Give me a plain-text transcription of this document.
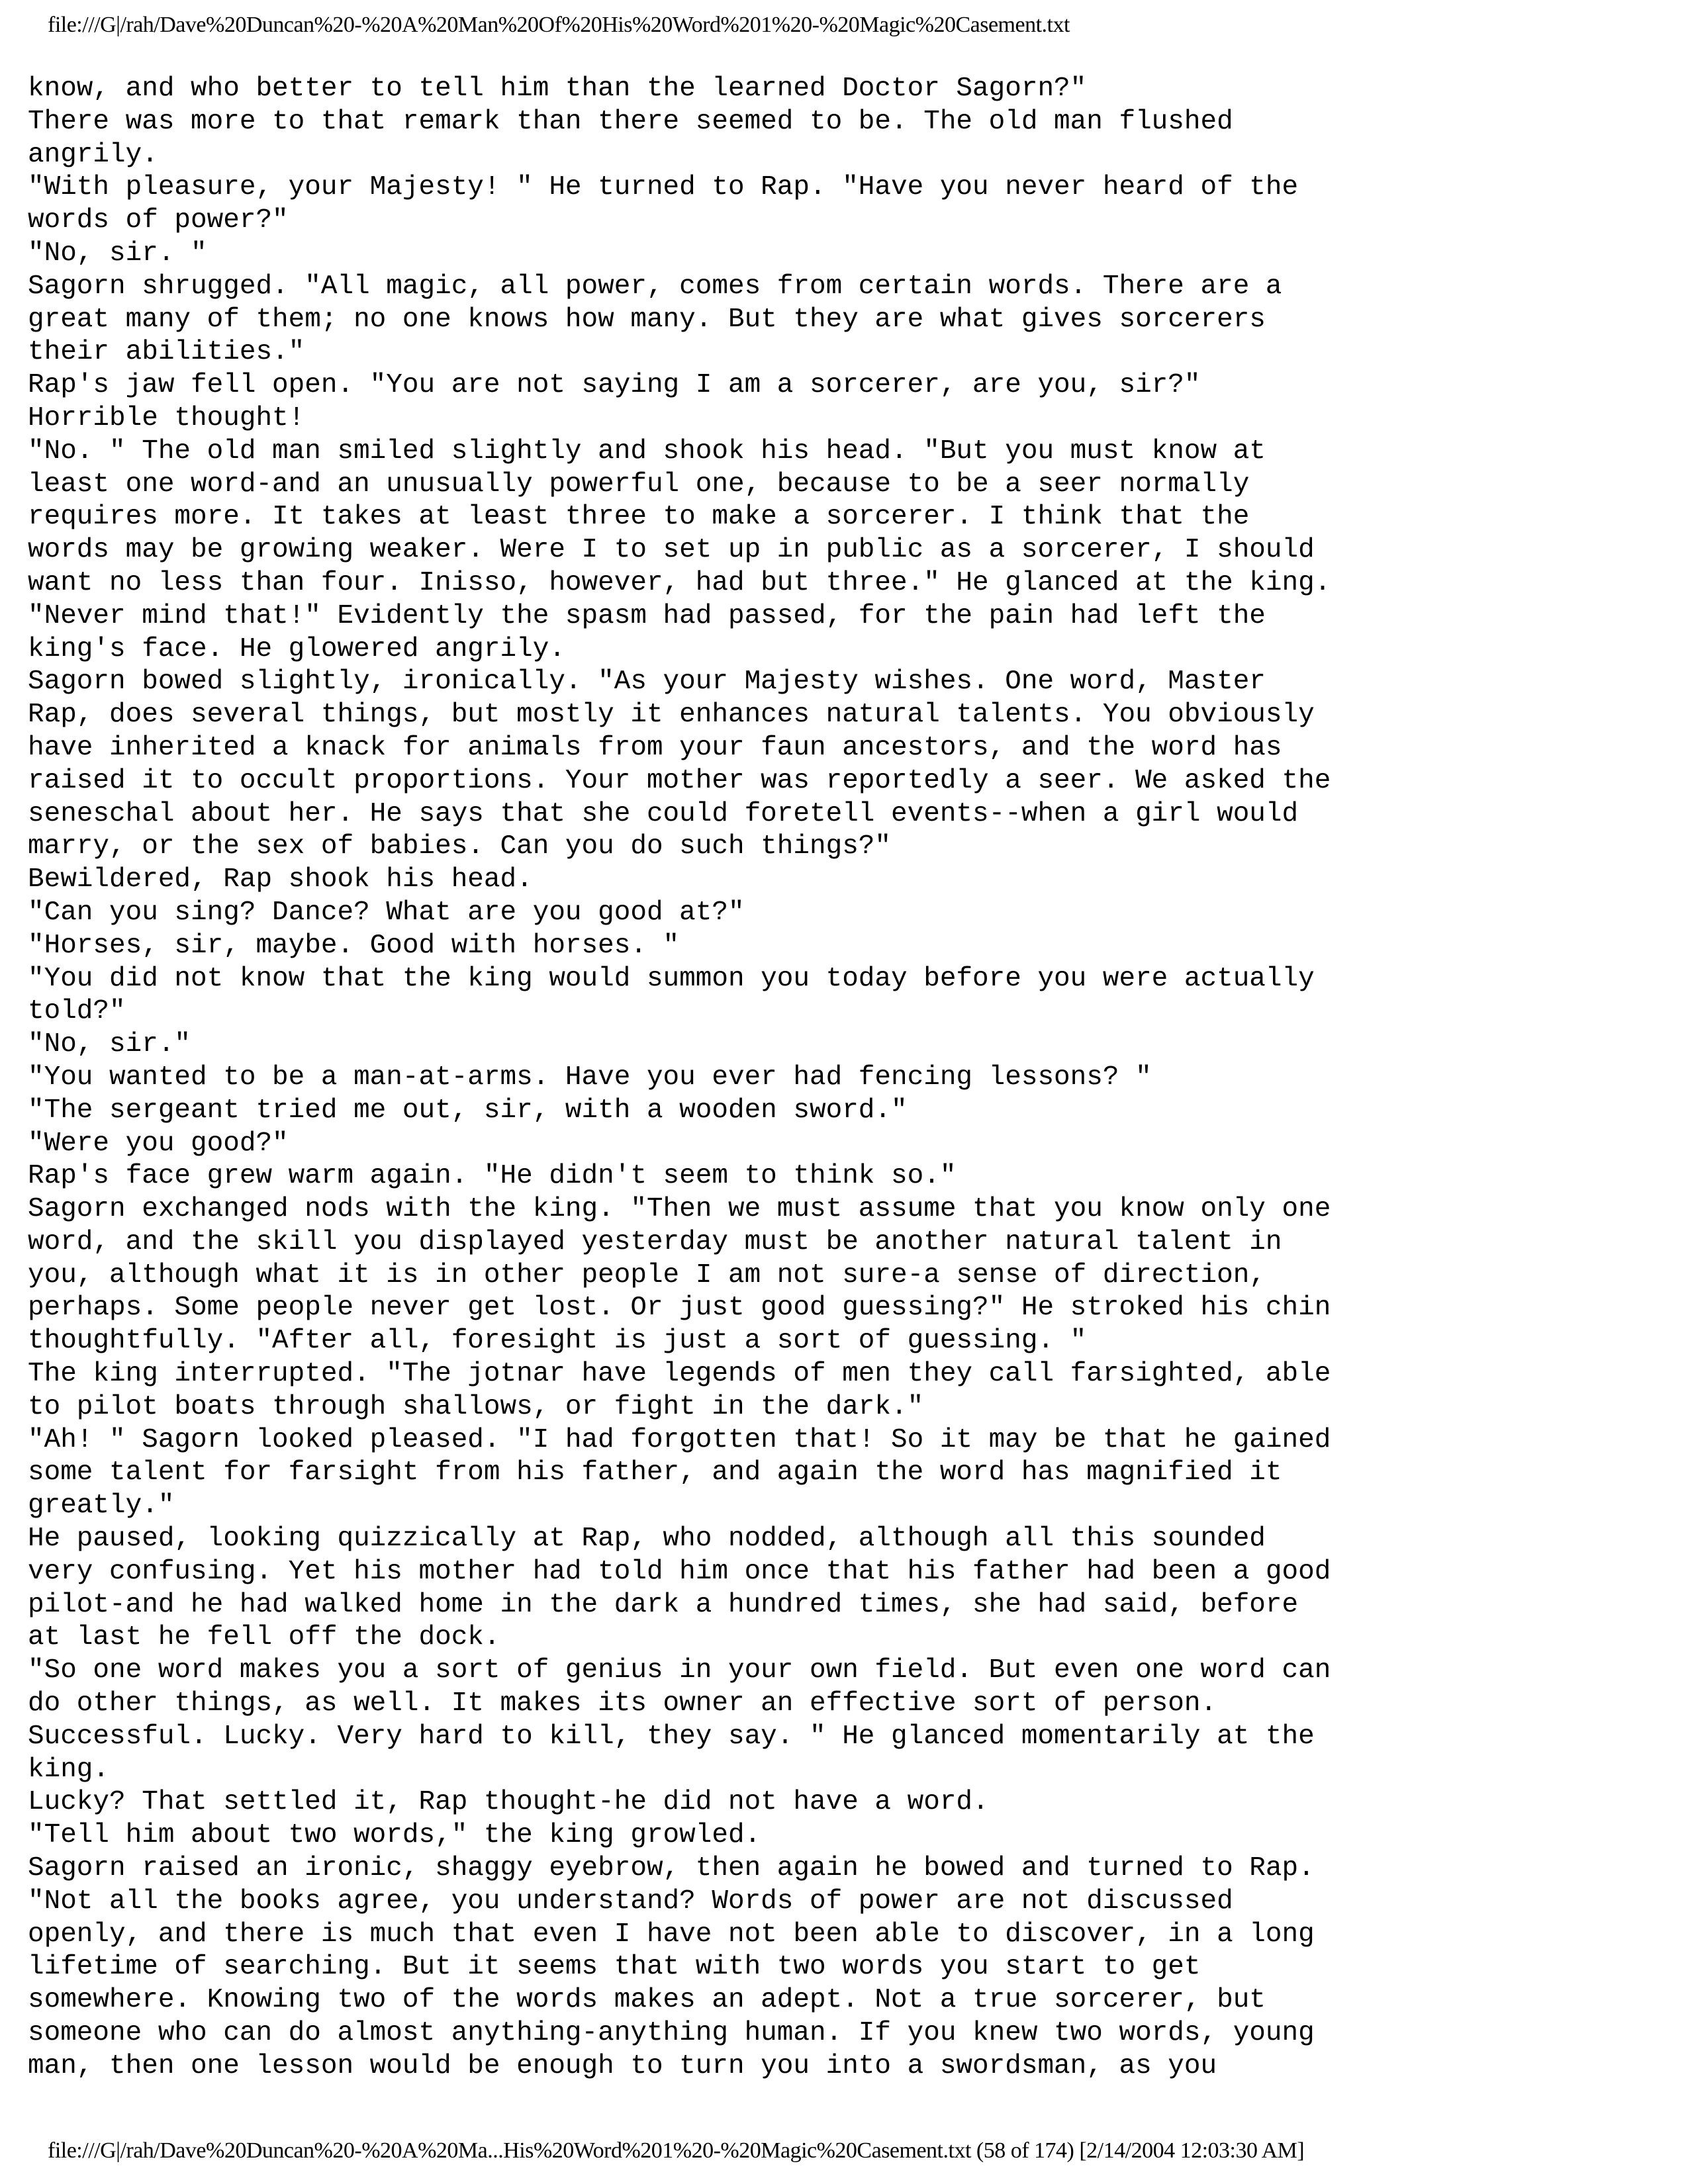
file:///G|/rah/Dave%20Duncan%20-%20A%20Man%20Of%20His%20Word%201%20-%20Magic%20Casement.txt
know, and who better to tell him than the learned Doctor Sagorn?"
There was more to that remark than there seemed to be. The old man flushed
angrily.
"With pleasure, your Majesty! " He turned to Rap. "Have you never heard of the
words of power?"
"No, sir. "
Sagorn shrugged. "All magic, all power, comes from certain words. There are a
great many of them; no one knows how many. But they are what gives sorcerers
their abilities."
Rap's jaw fell open. "You are not saying I am a sorcerer, are you, sir?"
Horrible thought!
"No. " The old man smiled slightly and shook his head. "But you must know at
least one word-and an unusually powerful one, because to be a seer normally
requires more. It takes at least three to make a sorcerer. I think that the
words may be growing weaker. Were I to set up in public as a sorcerer, I should
want no less than four. Inisso, however, had but three." He glanced at the king.
"Never mind that!" Evidently the spasm had passed, for the pain had left the
king's face. He glowered angrily.
Sagorn bowed slightly, ironically. "As your Majesty wishes. One word, Master
Rap, does several things, but mostly it enhances natural talents. You obviously
have inherited a knack for animals from your faun ancestors, and the word has
raised it to occult proportions. Your mother was reportedly a seer. We asked the
seneschal about her. He says that she could foretell events--when a girl would
marry, or the sex of babies. Can you do such things?"
Bewildered, Rap shook his head.
"Can you sing? Dance? What are you good at?"
"Horses, sir, maybe. Good with horses. "
"You did not know that the king would summon you today before you were actually
told?"
"No, sir."
"You wanted to be a man-at-arms. Have you ever had fencing lessons? "
"The sergeant tried me out, sir, with a wooden sword."
"Were you good?"
Rap's face grew warm again. "He didn't seem to think so."
Sagorn exchanged nods with the king. "Then we must assume that you know only one
word, and the skill you displayed yesterday must be another natural talent in
you, although what it is in other people I am not sure-a sense of direction,
perhaps. Some people never get lost. Or just good guessing?" He stroked his chin
thoughtfully. "After all, foresight is just a sort of guessing. "
The king interrupted. "The jotnar have legends of men they call farsighted, able
to pilot boats through shallows, or fight in the dark."
"Ah! " Sagorn looked pleased. "I had forgotten that! So it may be that he gained
some talent for farsight from his father, and again the word has magnified it
greatly."
He paused, looking quizzically at Rap, who nodded, although all this sounded
very confusing. Yet his mother had told him once that his father had been a good
pilot-and he had walked home in the dark a hundred times, she had said, before
at last he fell off the dock.
"So one word makes you a sort of genius in your own field. But even one word can
do other things, as well. It makes its owner an effective sort of person.
Successful. Lucky. Very hard to kill, they say. " He glanced momentarily at the
king.
Lucky? That settled it, Rap thought-he did not have a word.
"Tell him about two words," the king growled.
Sagorn raised an ironic, shaggy eyebrow, then again he bowed and turned to Rap.
"Not all the books agree, you understand? Words of power are not discussed
openly, and there is much that even I have not been able to discover, in a long
lifetime of searching. But it seems that with two words you start to get
somewhere. Knowing two of the words makes an adept. Not a true sorcerer, but
someone who can do almost anything-anything human. If you knew two words, young
man, then one lesson would be enough to turn you into a swordsman, as you
file:///G|/rah/Dave%20Duncan%20-%20A%20Ma...His%20Word%201%20-%20Magic%20Casement.txt (58 of 174) [2/14/2004 12:03:30 AM]
